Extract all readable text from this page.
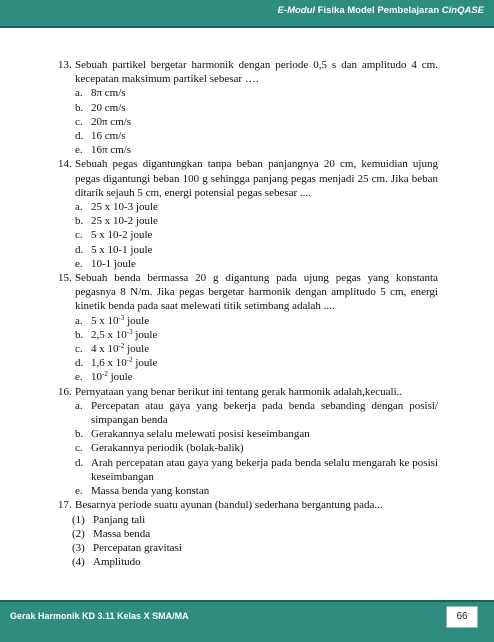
E-Modul Fisika Model Pembelajaran CinQASE
13. Sebuah partikel bergetar harmonik dengan periode 0,5 s dan amplitudo 4 cm. kecepatan maksimum partikel sebesar ….
a. 8π cm/s
b. 20 cm/s
c. 20π cm/s
d. 16 cm/s
e. 16π cm/s
14. Sebuah pegas digantungkan tanpa beban panjangnya 20 cm, kemuidian ujung pegas digantungi beban 100 g sehingga panjang pegas menjadi 25 cm. Jika beban ditarik sejauh 5 cm, energi potensial pegas sebesar ....
a. 25 x 10-3 joule
b. 25 x 10-2 joule
c. 5 x 10-2 joule
d. 5 x 10-1 joule
e. 10-1 joule
15. Sebuah benda bermassa 20 g digantung pada ujung pegas yang konstanta pegasnya 8 N/m. Jika pegas bergetar harmonik dengan amplitudo 5 cm, energi kinetik benda pada saat melewati titik setimbang adalah ....
a. 5 x $10^{-3}$ joule
b. 2,5 x $10^{-3}$ joule
c. 4 x $10^{-2}$ joule
d. 1,6 x $10^{-2}$ joule
e. $10^{-2}$ joule
16. Pernyataan yang benar berikut ini tentang gerak harmonik adalah,kecuali..
a. Percepatan atau gaya yang bekerja pada benda sebanding dengan posisi/ simpangan benda
b. Gerakannya selalu melewati posisi keseimbangan
c. Gerakannya periodik (bolak-balik)
d. Arah percepatan atau gaya yang bekerja pada benda selalu mengarah ke posisi keseimbangan
e. Massa benda yang konstan
17. Besarnya periode suatu ayunan (bandul) sederhana bergantung pada...
(1) Panjang tali
(2) Massa benda
(3) Percepatan gravitasi
(4) Amplitudo
Gerak Harmonik KD 3.11 Kelas X SMA/MA	66
